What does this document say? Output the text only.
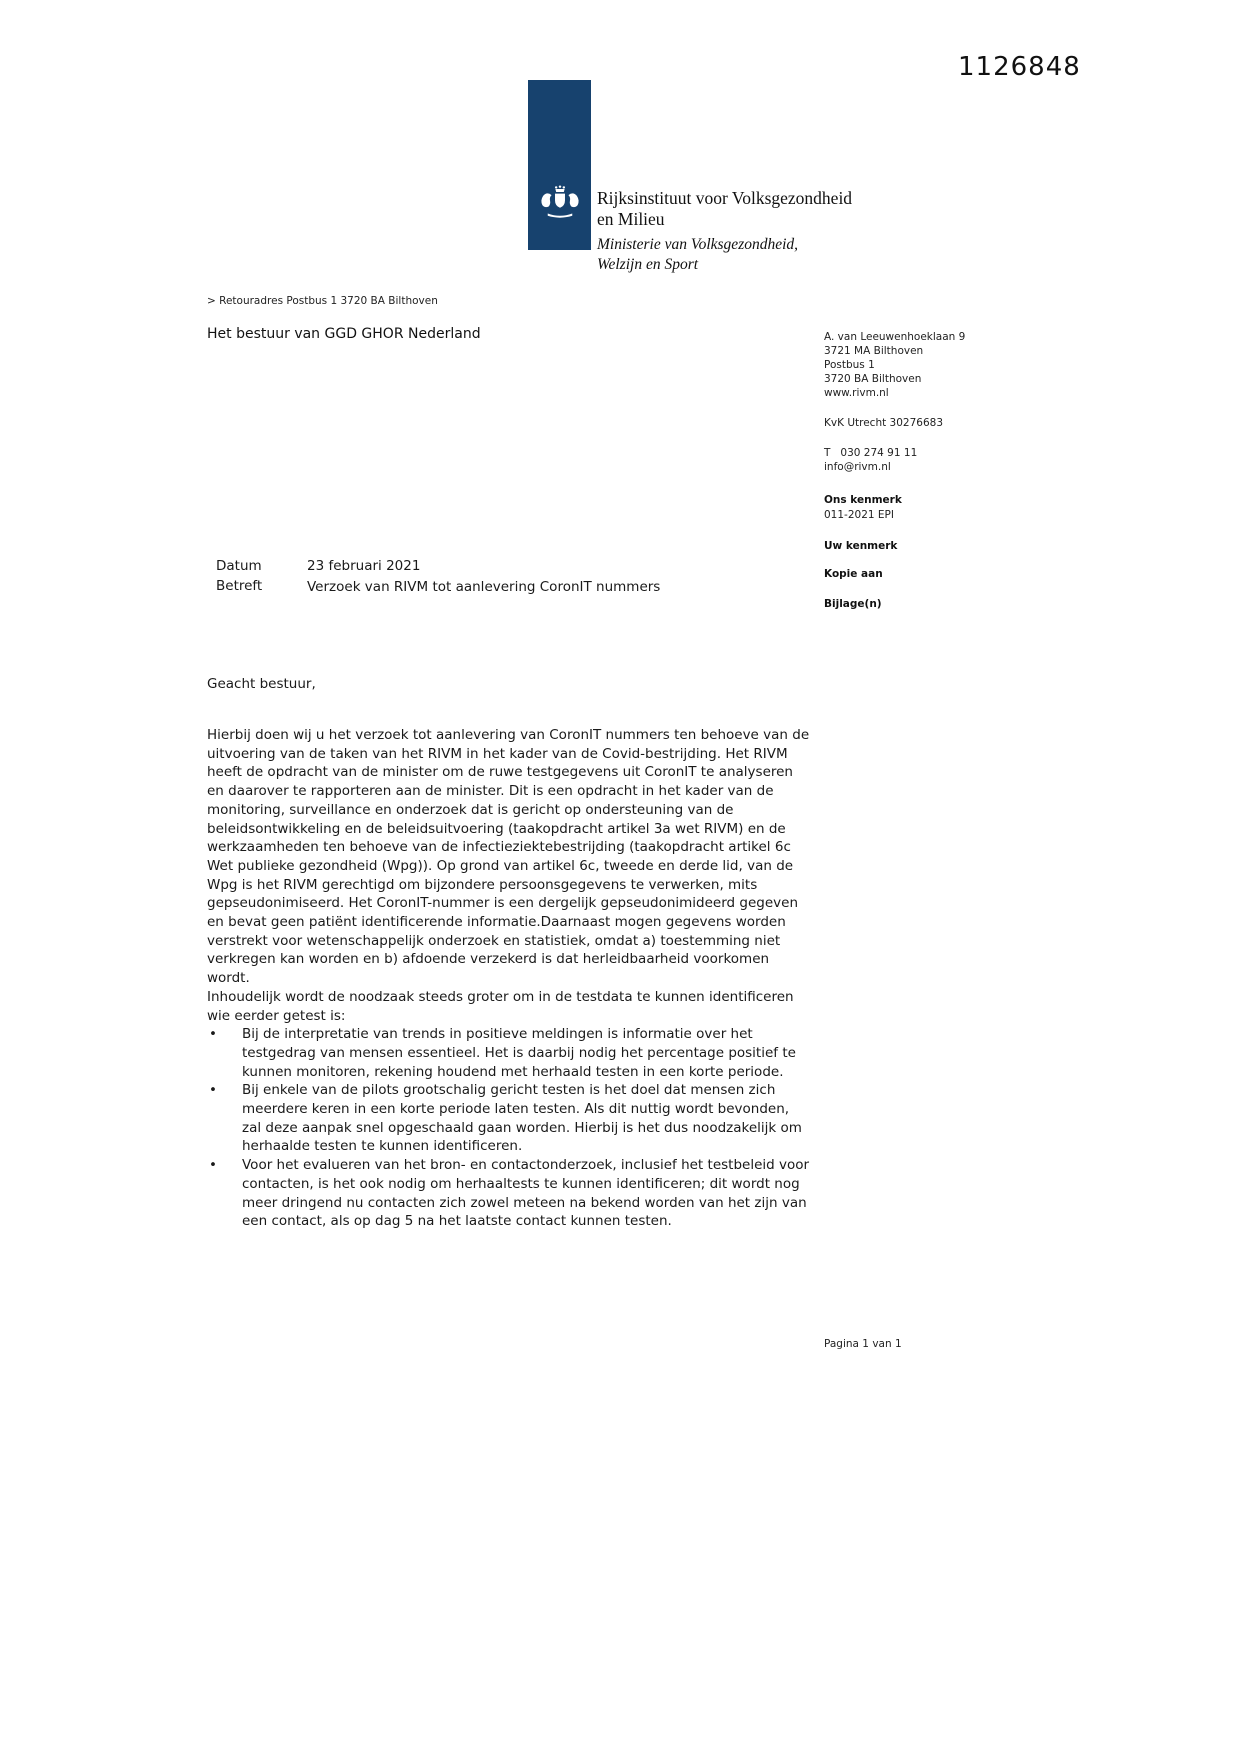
1126848
Rijksinstituut voor Volksgezondheid
en Milieu
Ministerie van Volksgezondheid,
Welzijn en Sport
> Retouradres Postbus 1 3720 BA Bilthoven
Het bestuur van GGD GHOR Nederland	A. van Leeuwenhoeklaan 9
3721 MA Bilthoven
Postbus 1
3720 BA Bilthoven
www.rivm.nl
KvK Utrecht 30276683
T   030 274 91 11
info@rivm.nl
Ons kenmerk
011-2021 EPI
Uw kenmerk
Kopie aan
Bijlage(n)
Datum	23 februari 2021
Betreft	Verzoek van RIVM tot aanlevering CoronIT nummers
Geacht bestuur,

Hierbij doen wij u het verzoek tot aanlevering van CoronIT nummers ten behoeve van de uitvoering van de taken van het RIVM in het kader van de Covid-bestrijding. Het RIVM heeft de opdracht van de minister om de ruwe testgegevens uit CoronIT te analyseren en daarover te rapporteren aan de minister. Dit is een opdracht in het kader van de monitoring, surveillance en onderzoek dat is gericht op ondersteuning van de beleidsontwikkeling en de beleidsuitvoering (taakopdracht artikel 3a wet RIVM) en de werkzaamheden ten behoeve van de infectieziektebestrijding (taakopdracht artikel 6c Wet publieke gezondheid (Wpg)). Op grond van artikel 6c, tweede en derde lid, van de Wpg is het RIVM gerechtigd om bijzondere persoonsgegevens te verwerken, mits gepseudonimiseerd. Het CoronIT-nummer is een dergelijk gepseudonimideerd gegeven en bevat geen patiënt identificerende informatie.Daarnaast mogen gegevens worden verstrekt voor wetenschappelijk onderzoek en statistiek, omdat a) toestemming niet verkregen kan worden en b) afdoende verzekerd is dat herleidbaarheid voorkomen wordt.

Inhoudelijk wordt de noodzaak steeds groter om in de testdata te kunnen identificeren wie eerder getest is:

•	Bij de interpretatie van trends in positieve meldingen is informatie over het testgedrag van mensen essentieel. Het is daarbij nodig het percentage positief te kunnen monitoren, rekening houdend met herhaald testen in een korte periode.
•	Bij enkele van de pilots grootschalig gericht testen is het doel dat mensen zich meerdere keren in een korte periode laten testen. Als dit nuttig wordt bevonden, zal deze aanpak snel opgeschaald gaan worden. Hierbij is het dus noodzakelijk om herhaalde testen te kunnen identificeren.
•	Voor het evalueren van het bron- en contactonderzoek, inclusief het testbeleid voor contacten, is het ook nodig om herhaaltests te kunnen identificeren; dit wordt nog meer dringend nu contacten zich zowel meteen na bekend worden van het zijn van een contact, als op dag 5 na het laatste contact kunnen testen.
Pagina 1 van 1
